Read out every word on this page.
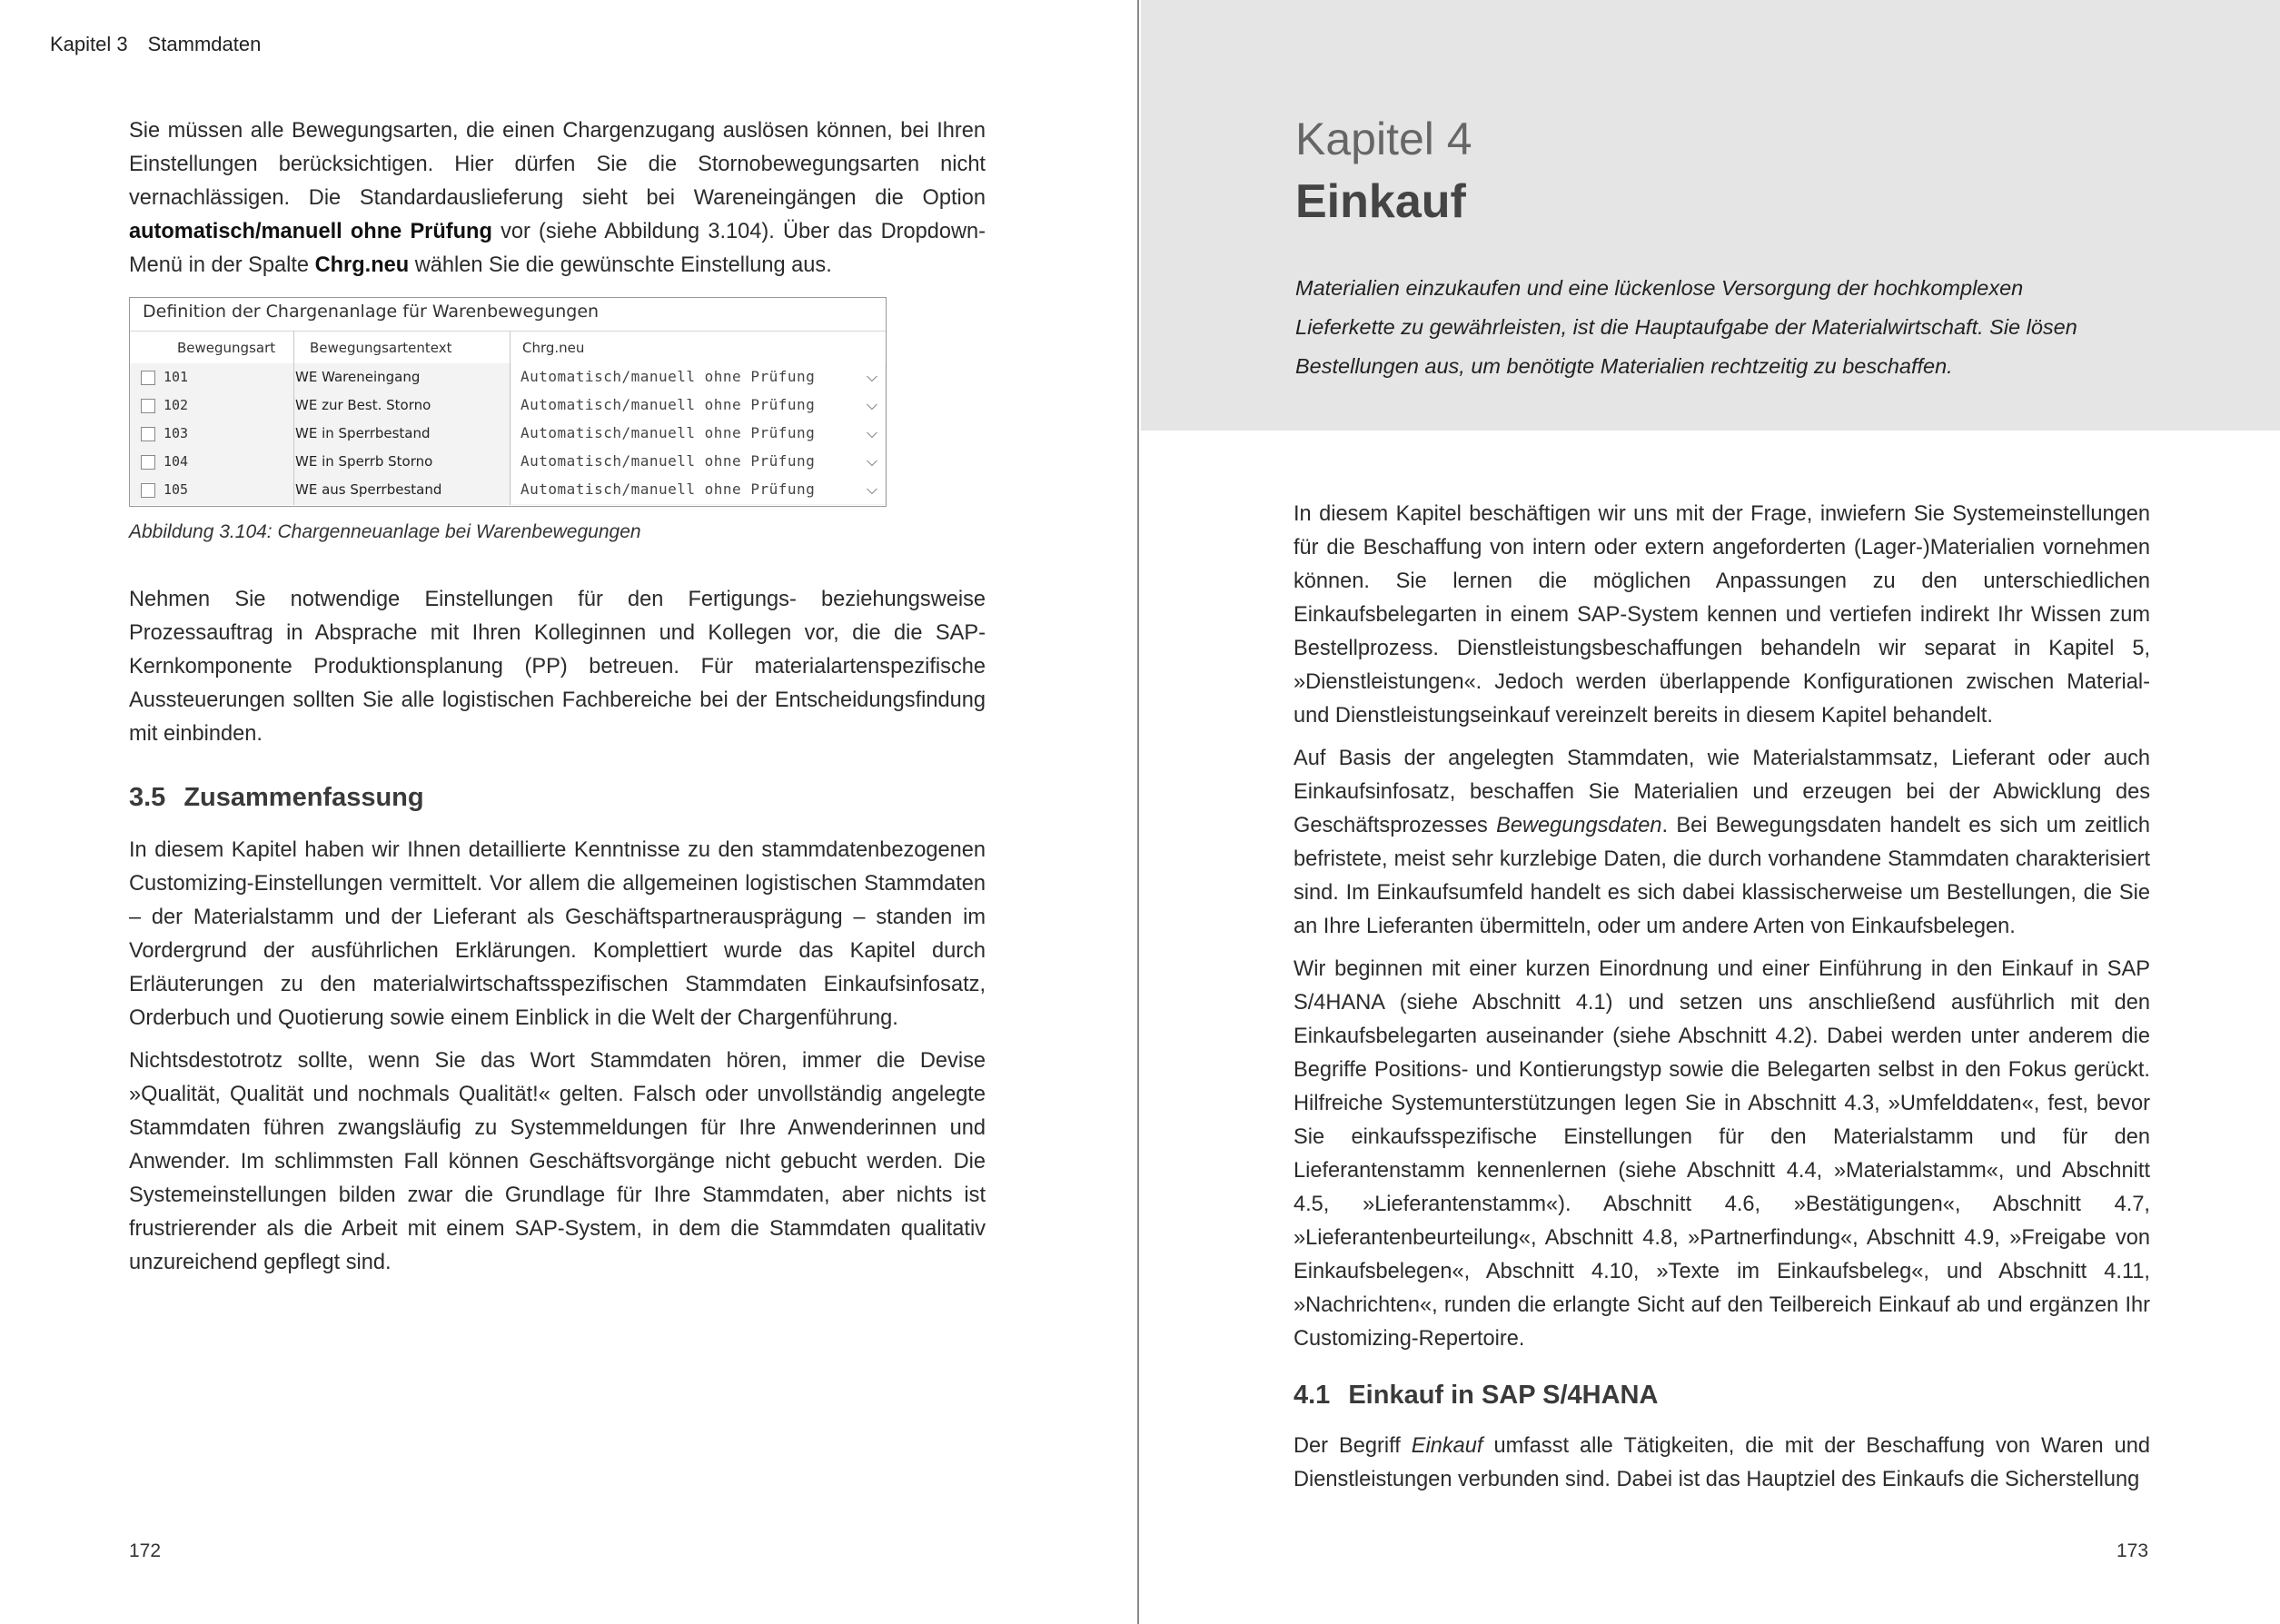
Kapitel 3 Stammdaten

Sie müssen alle Bewegungsarten, die einen Chargenzugang auslösen können, bei Ihren Einstellungen berücksichtigen. Hier dürfen Sie die Stornobewegungsarten nicht vernachlässigen. Die Standardauslieferung sieht bei Wareneingängen die Option automatisch/manuell ohne Prüfung vor (siehe Abbildung 3.104). Über das Dropdown-Menü in der Spalte Chrg.neu wählen Sie die gewünschte Einstellung aus.

Definition der Chargenanlage für Warenbewegungen
Bewegungsart	Bewegungsartentext	Chrg.neu
101	WE Wareneingang	Automatisch/manuell ohne Prüfung	⌵
102	WE zur Best. Storno	Automatisch/manuell ohne Prüfung	⌵
103	WE in Sperrbestand	Automatisch/manuell ohne Prüfung	⌵
104	WE in Sperrb Storno	Automatisch/manuell ohne Prüfung	⌵
105	WE aus Sperrbestand	Automatisch/manuell ohne Prüfung	⌵
Abbildung 3.104: Chargenneuanlage bei Warenbewegungen

Nehmen Sie notwendige Einstellungen für den Fertigungs- beziehungsweise Prozessauftrag in Absprache mit Ihren Kolleginnen und Kollegen vor, die die SAP-Kernkomponente Produktionsplanung (PP) betreuen. Für materialartenspezifische Aussteuerungen sollten Sie alle logistischen Fachbereiche bei der Entscheidungsfindung mit einbinden.

3.5 Zusammenfassung

In diesem Kapitel haben wir Ihnen detaillierte Kenntnisse zu den stammdatenbezogenen Customizing-Einstellungen vermittelt. Vor allem die allgemeinen logistischen Stammdaten – der Materialstamm und der Lieferant als Geschäftspartnerausprägung – standen im Vordergrund der ausführlichen Erklärungen. Komplettiert wurde das Kapitel durch Erläuterungen zu den materialwirtschaftsspezifischen Stammdaten Einkaufsinfosatz, Orderbuch und Quotierung sowie einem Einblick in die Welt der Chargenführung.

Nichtsdestotrotz sollte, wenn Sie das Wort Stammdaten hören, immer die Devise »Qualität, Qualität und nochmals Qualität!« gelten. Falsch oder unvollständig angelegte Stammdaten führen zwangsläufig zu Systemmeldungen für Ihre Anwenderinnen und Anwender. Im schlimmsten Fall können Geschäftsvorgänge nicht gebucht werden. Die Systemeinstellungen bilden zwar die Grundlage für Ihre Stammdaten, aber nichts ist frustrierender als die Arbeit mit einem SAP-System, in dem die Stammdaten qualitativ unzureichend gepflegt sind.

172
Kapitel 4
Einkauf
Materialien einzukaufen und eine lückenlose Versorgung der hochkomplexen Lieferkette zu gewährleisten, ist die Hauptaufgabe der Materialwirtschaft. Sie lösen Bestellungen aus, um benötigte Materialien rechtzeitig zu beschaffen.

In diesem Kapitel beschäftigen wir uns mit der Frage, inwiefern Sie Systemeinstellungen für die Beschaffung von intern oder extern angeforderten (Lager-)Materialien vornehmen können. Sie lernen die möglichen Anpassungen zu den unterschiedlichen Einkaufsbelegarten in einem SAP-System kennen und vertiefen indirekt Ihr Wissen zum Bestellprozess. Dienstleistungsbeschaffungen behandeln wir separat in Kapitel 5, »Dienstleistungen«. Jedoch werden überlappende Konfigurationen zwischen Material- und Dienstleistungseinkauf vereinzelt bereits in diesem Kapitel behandelt.

Auf Basis der angelegten Stammdaten, wie Materialstammsatz, Lieferant oder auch Einkaufsinfosatz, beschaffen Sie Materialien und erzeugen bei der Abwicklung des Geschäftsprozesses Bewegungsdaten. Bei Bewegungsdaten handelt es sich um zeitlich befristete, meist sehr kurzlebige Daten, die durch vorhandene Stammdaten charakterisiert sind. Im Einkaufsumfeld handelt es sich dabei klassischerweise um Bestellungen, die Sie an Ihre Lieferanten übermitteln, oder um andere Arten von Einkaufsbelegen.

Wir beginnen mit einer kurzen Einordnung und einer Einführung in den Einkauf in SAP S/4HANA (siehe Abschnitt 4.1) und setzen uns anschließend ausführlich mit den Einkaufsbelegarten auseinander (siehe Abschnitt 4.2). Dabei werden unter anderem die Begriffe Positions- und Kontierungstyp sowie die Belegarten selbst in den Fokus gerückt. Hilfreiche Systemunterstützungen legen Sie in Abschnitt 4.3, »Umfelddaten«, fest, bevor Sie einkaufsspezifische Einstellungen für den Materialstamm und für den Lieferantenstamm kennenlernen (siehe Abschnitt 4.4, »Materialstamm«, und Abschnitt 4.5, »Lieferantenstamm«). Abschnitt 4.6, »Bestätigungen«, Abschnitt 4.7, »Lieferantenbeurteilung«, Abschnitt 4.8, »Partnerfindung«, Abschnitt 4.9, »Freigabe von Einkaufsbelegen«, Abschnitt 4.10, »Texte im Einkaufsbeleg«, und Abschnitt 4.11, »Nachrichten«, runden die erlangte Sicht auf den Teilbereich Einkauf ab und ergänzen Ihr Customizing-Repertoire.

4.1 Einkauf in SAP S/4HANA

Der Begriff Einkauf umfasst alle Tätigkeiten, die mit der Beschaffung von Waren und Dienstleistungen verbunden sind. Dabei ist das Hauptziel des Einkaufs die Sicherstellung

173
